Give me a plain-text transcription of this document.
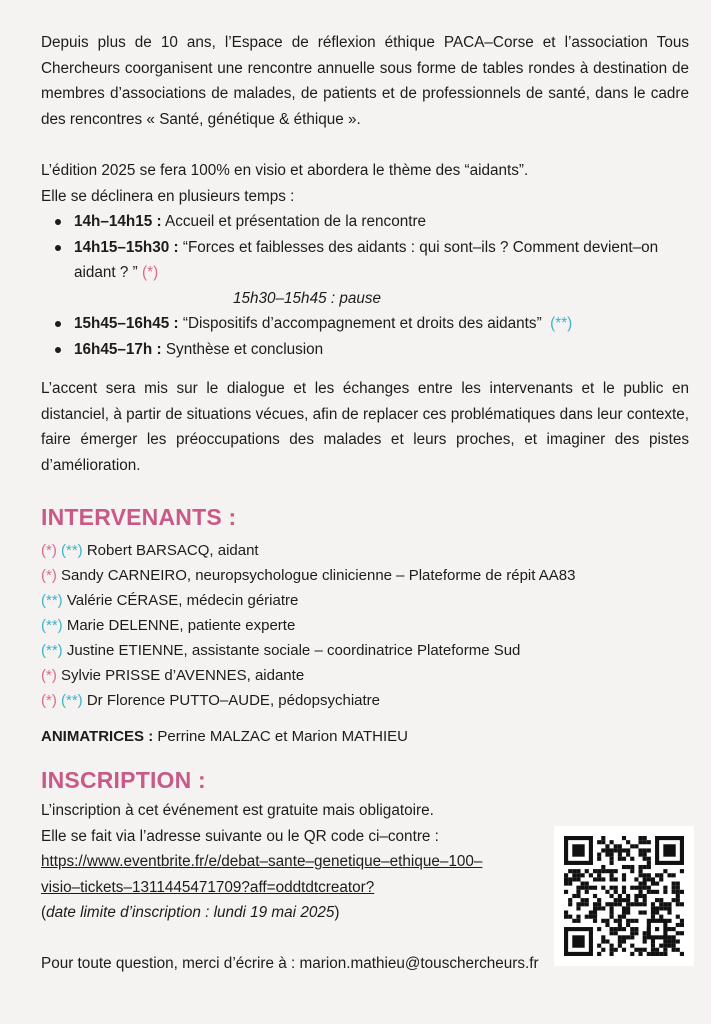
Depuis plus de 10 ans, l’Espace de réflexion éthique PACA–Corse et l’association Tous Chercheurs coorganisent une rencontre annuelle sous forme de tables rondes à destination de membres d’associations de malades, de patients et de professionnels de santé, dans le cadre des rencontres « Santé, génétique & éthique ».

L’édition 2025 se fera 100% en visio et abordera le thème des “aidants”.

Elle se déclinera en plusieurs temps :

14h–14h15 : Accueil et présentation de la rencontre
14h15–15h30 : “Forces et faiblesses des aidants : qui sont–ils ? Comment devient–on aidant ? ” (*)
15h30–15h45 : pause
15h45–16h45 : “Dispositifs d’accompagnement et droits des aidants” (**)
16h45–17h : Synthèse et conclusion

L’accent sera mis sur le dialogue et les échanges entre les intervenants et le public en distanciel, à partir de situations vécues, afin de replacer ces problématiques dans leur contexte, faire émerger les préoccupations des malades et leurs proches, et imaginer des pistes d’amélioration.

INTERVENANTS :
(*) (**) Robert BARSACQ, aidant
(*) Sandy CARNEIRO, neuropsychologue clinicienne – Plateforme de répit AA83
(**) Valérie CÉRASE, médecin gériatre
(**) Marie DELENNE, patiente experte
(**) Justine ETIENNE, assistante sociale – coordinatrice Plateforme Sud
(*) Sylvie PRISSE d’AVENNES, aidante
(*) (**) Dr Florence PUTTO–AUDE, pédopsychiatre
ANIMATRICES : Perrine MALZAC et Marion MATHIEU
INSCRIPTION :

L’inscription à cet événement est gratuite mais obligatoire.

Elle se fait via l’adresse suivante ou le QR code ci–contre :

https://www.eventbrite.fr/e/debat–sante–genetique–ethique–100–

visio–tickets–1311445471709?aff=oddtdtcreator?

(date limite d’inscription : lundi 19 mai 2025)

Pour toute question, merci d’écrire à : marion.mathieu@touschercheurs.fr
